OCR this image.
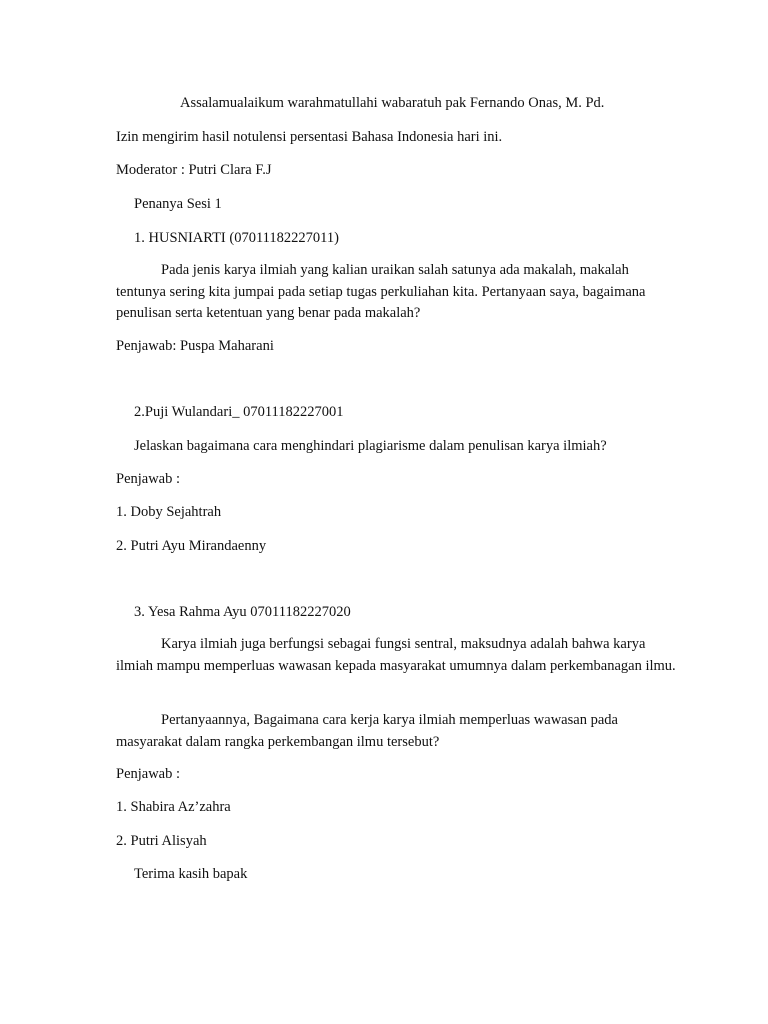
Assalamualaikum warahmatullahi wabaratuh pak Fernando Onas, M. Pd.
Izin mengirim hasil notulensi persentasi Bahasa Indonesia hari ini.
Moderator : Putri Clara F.J
Penanya Sesi 1
1. HUSNIARTI (07011182227011)
Pada jenis karya ilmiah yang kalian uraikan salah satunya ada makalah, makalah tentunya sering kita jumpai pada setiap tugas perkuliahan kita. Pertanyaan saya, bagaimana penulisan serta ketentuan yang benar pada makalah?
Penjawab: Puspa Maharani
2.Puji Wulandari_ 07011182227001
Jelaskan bagaimana cara menghindari plagiarisme dalam penulisan karya ilmiah?
Penjawab :
1. Doby Sejahtrah
2. Putri Ayu Mirandaenny
3. Yesa Rahma Ayu 07011182227020
Karya ilmiah juga berfungsi sebagai fungsi sentral, maksudnya adalah bahwa karya ilmiah mampu memperluas wawasan kepada masyarakat umumnya dalam perkembanagan ilmu.
Pertanyaannya, Bagaimana cara kerja karya ilmiah memperluas wawasan pada masyarakat dalam rangka perkembangan ilmu tersebut?
Penjawab :
1. Shabira Az’zahra
2. Putri Alisyah
Terima kasih bapak
